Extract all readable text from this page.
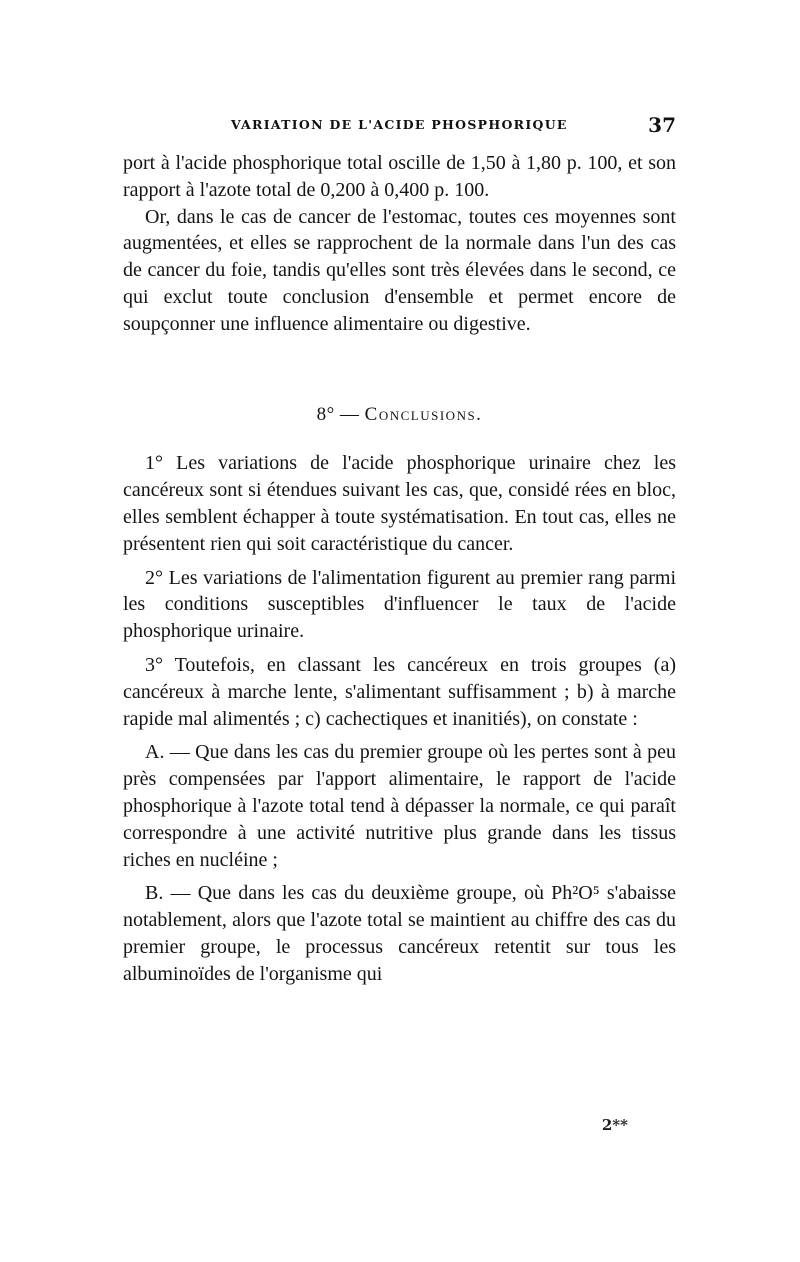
VARIATION DE L'ACIDE PHOSPHORIQUE	37

port à l'acide phosphorique total oscille de 1,50 à 1,80 p. 100, et son rapport à l'azote total de 0,200 à 0,400 p. 100.

Or, dans le cas de cancer de l'estomac, toutes ces moyennes sont augmentées, et elles se rapprochent de la normale dans l'un des cas de cancer du foie, tandis qu'elles sont très élevées dans le second, ce qui exclut toute conclusion d'ensemble et permet encore de soupçonner une influence alimentaire ou digestive.

8° — Conclusions.

1° Les variations de l'acide phosphorique urinaire chez les cancéreux sont si étendues suivant les cas, que, considé rées en bloc, elles semblent échapper à toute systématisation. En tout cas, elles ne présentent rien qui soit caractéristique du cancer.

2° Les variations de l'alimentation figurent au premier rang parmi les conditions susceptibles d'influencer le taux de l'acide phosphorique urinaire.

3° Toutefois, en classant les cancéreux en trois groupes (a) cancéreux à marche lente, s'alimentant suffisamment ; b) à marche rapide mal alimentés ; c) cachectiques et inanitiés), on constate :

A. — Que dans les cas du premier groupe où les pertes sont à peu près compensées par l'apport alimentaire, le rapport de l'acide phosphorique à l'azote total tend à dépasser la normale, ce qui paraît correspondre à une activité nutritive plus grande dans les tissus riches en nucléine ;

B. — Que dans les cas du deuxième groupe, où Ph²O⁵ s'abaisse notablement, alors que l'azote total se maintient au chiffre des cas du premier groupe, le processus cancéreux retentit sur tous les albuminoïdes de l'organisme qui

2**
